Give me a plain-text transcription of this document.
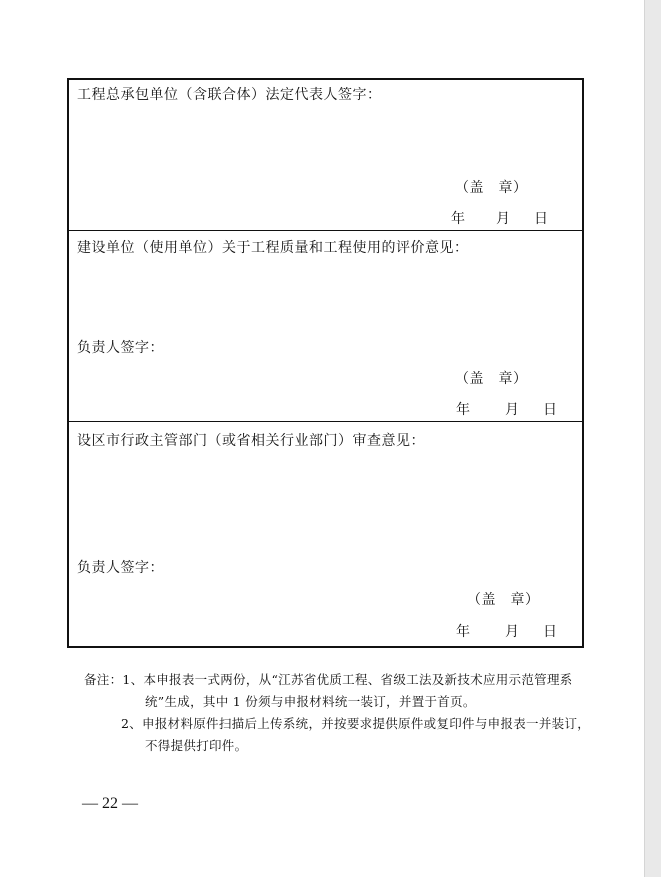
工程总承包单位（含联合体）法定代表人签字：
（盖　章）
年 月 日
建设单位（使用单位）关于工程质量和工程使用的评价意见：
负责人签字：
（盖　章）
年 月 日
设区市行政主管部门（或省相关行业部门）审查意见：
负责人签字：
（盖　章）
年 月 日
备注：1、本申报表一式两份，从“江苏省优质工程、省级工法及新技术应用示范管理系
统”生成，其中 1 份须与申报材料统一装订，并置于首页。
2、申报材料原件扫描后上传系统，并按要求提供原件或复印件与申报表一并装订，
不得提供打印件。
— 22 —
